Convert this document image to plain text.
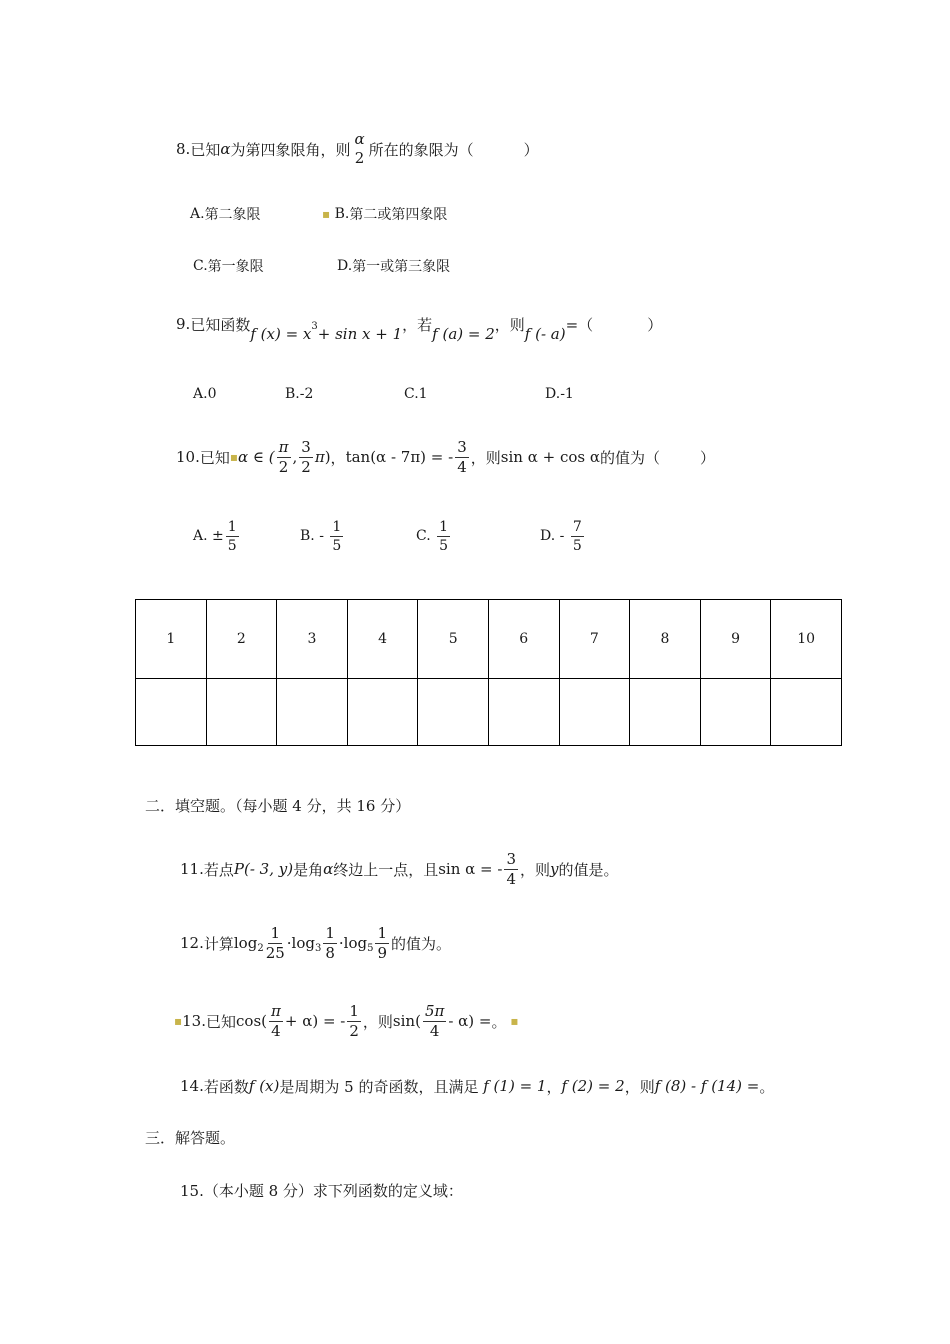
8. 已知 α 为第四象限角，则
α
2 所在的象限为（	）
A. 第二象限	▪
B. 第二或第四象限
C. 第一象限	D. 第一或第三象限
9. 已知函数
f (x) = x 3 + sin x + 1
，若
f (a) = 2
，则
f (- a)
=（	）
A. 0	B. -2	C. 1	D. -1
10. 已知 ▪ α ∈ ( $\frac{\pi}{2}$ , $\frac{3}{2}$ π ) ， tan(α - 7π) = - $\frac{3}{4}$ ，则 sin α + cos α 的值为（	）
A.
± $\frac{1}{5}$	B.
-
$\frac{1}{5}$	C.
$\frac{1}{5}$	D.
-
$\frac{7}{5}$
1	2	3	4	5	6	7	8	9	10

二．填空题。（每小题 4 分，共 16 分）
11. 若点 P(- 3, y) 是角 α 终边上一点，且 sin α = - $\frac{3}{4}$ ，则 y 的值是。
12. 计算 $\log 2 \frac{1}{25} \cdot\log$ $3 \frac{1}{8} \cdot\log$ $5 \frac{1}{9}$ 的值为。
▪ 13. 已知 $\cos( \frac{\pi}{4} + \alpha)$ = - $\frac{1}{2}$ ，则 $\sin( \frac{5\pi}{4} - \alpha)$ = 。 ▪
14. 若函数 f (x) 是周期为 5 的奇函数，且满足
f (1) = 1 ， f (2) = 2 ，则 f (8) - f (14) = 。
三．解答题。
15.（本小题 8 分）求下列函数的定义域：
